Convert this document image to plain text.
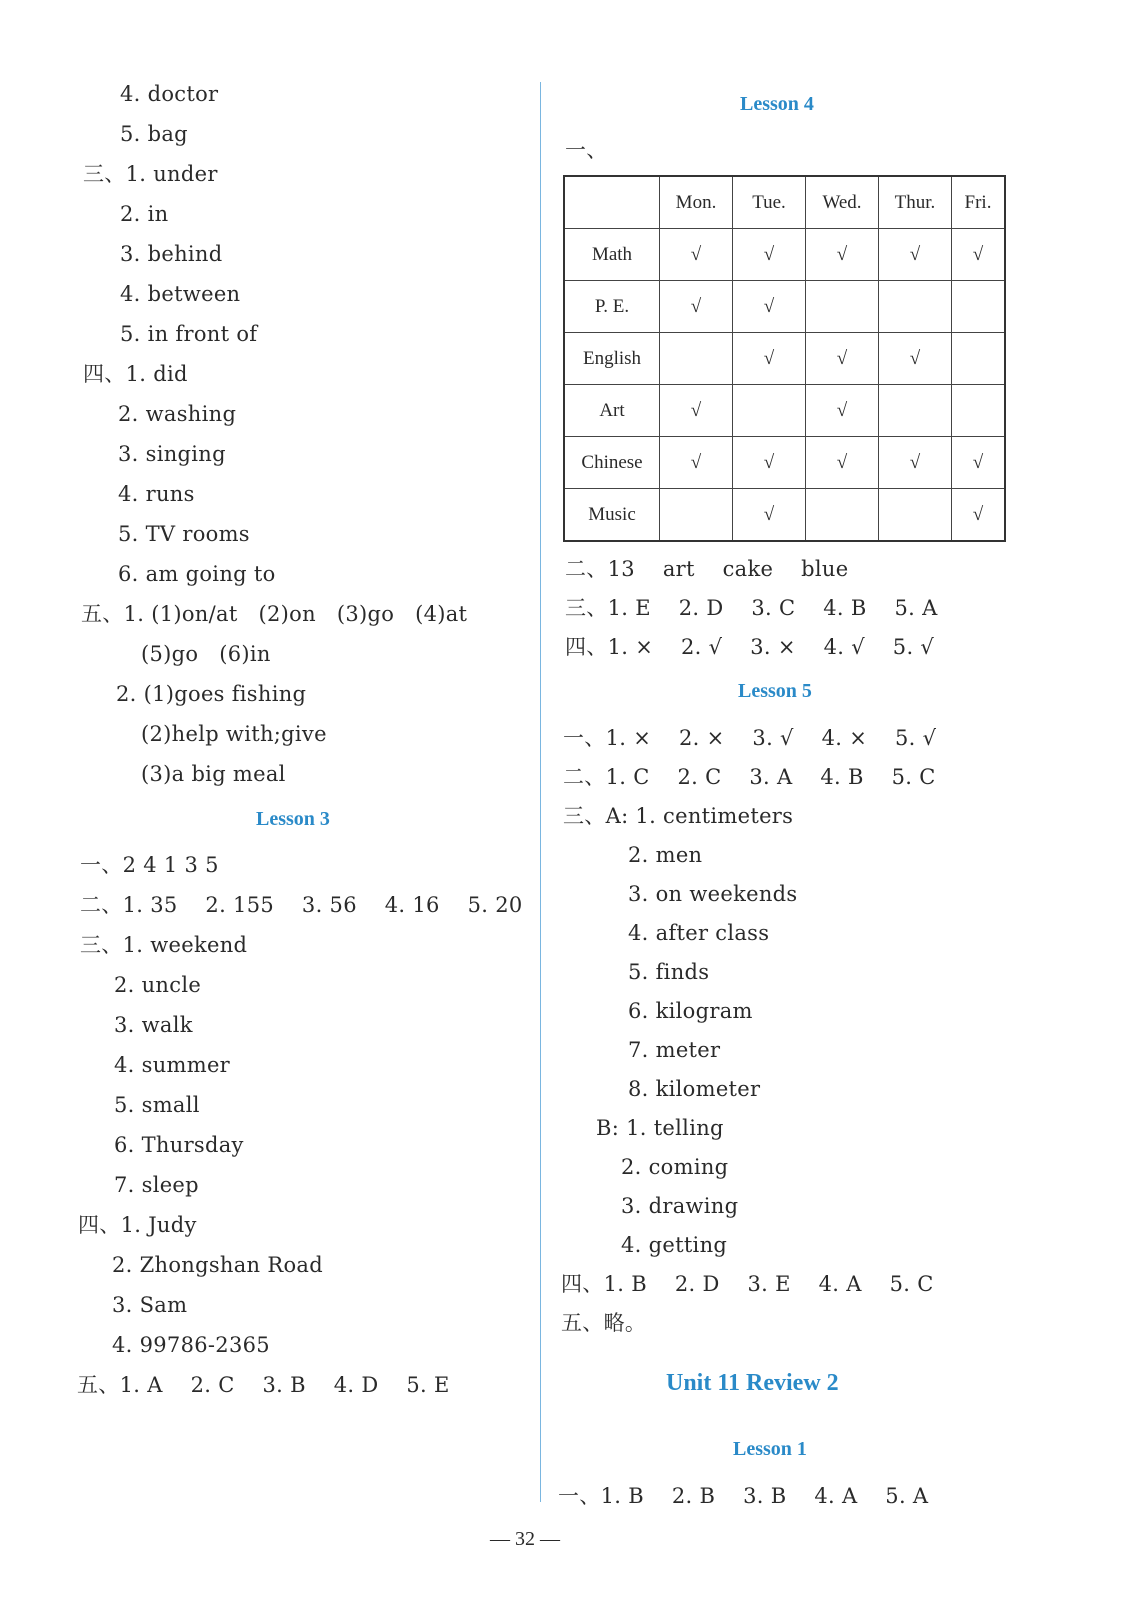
4. doctor
5. bag
三、1. under
2. in
3. behind
4. between
5. in front of
四、1. did
2. washing
3. singing
4. runs
5. TV rooms
6. am going to
五、1. (1)on/at   (2)on   (3)go   (4)at
(5)go   (6)in
2. (1)goes fishing
(2)help with;give
(3)a big meal
Lesson 3
一、2 4 1 3 5
二、1. 35    2. 155    3. 56    4. 16    5. 20
三、1. weekend
2. uncle
3. walk
4. summer
5. small
6. Thursday
7. sleep
四、1. Judy
2. Zhongshan Road
3. Sam
4. 99786-2365
五、1. A    2. C    3. B    4. D    5. E
Lesson 4
一、
	Mon.	Tue.	Wed.	Thur.	Fri.
Math	√	√	√	√	√
P. E.	√	√			
English		√	√	√	
Art	√		√		
Chinese	√	√	√	√	√
Music		√			√
二、13    art    cake    blue
三、1. E    2. D    3. C    4. B    5. A
四、1. ×    2. √    3. ×    4. √    5. √
Lesson 5
一、1. ×    2. ×    3. √    4. ×    5. √
二、1. C    2. C    3. A    4. B    5. C
三、A: 1. centimeters
2. men
3. on weekends
4. after class
5. finds
6. kilogram
7. meter
8. kilometer
B: 1. telling
2. coming
3. drawing
4. getting
四、1. B    2. D    3. E    4. A    5. C
五、略。
Unit 11 Review 2
Lesson 1
一、1. B    2. B    3. B    4. A    5. A
— 32 —
